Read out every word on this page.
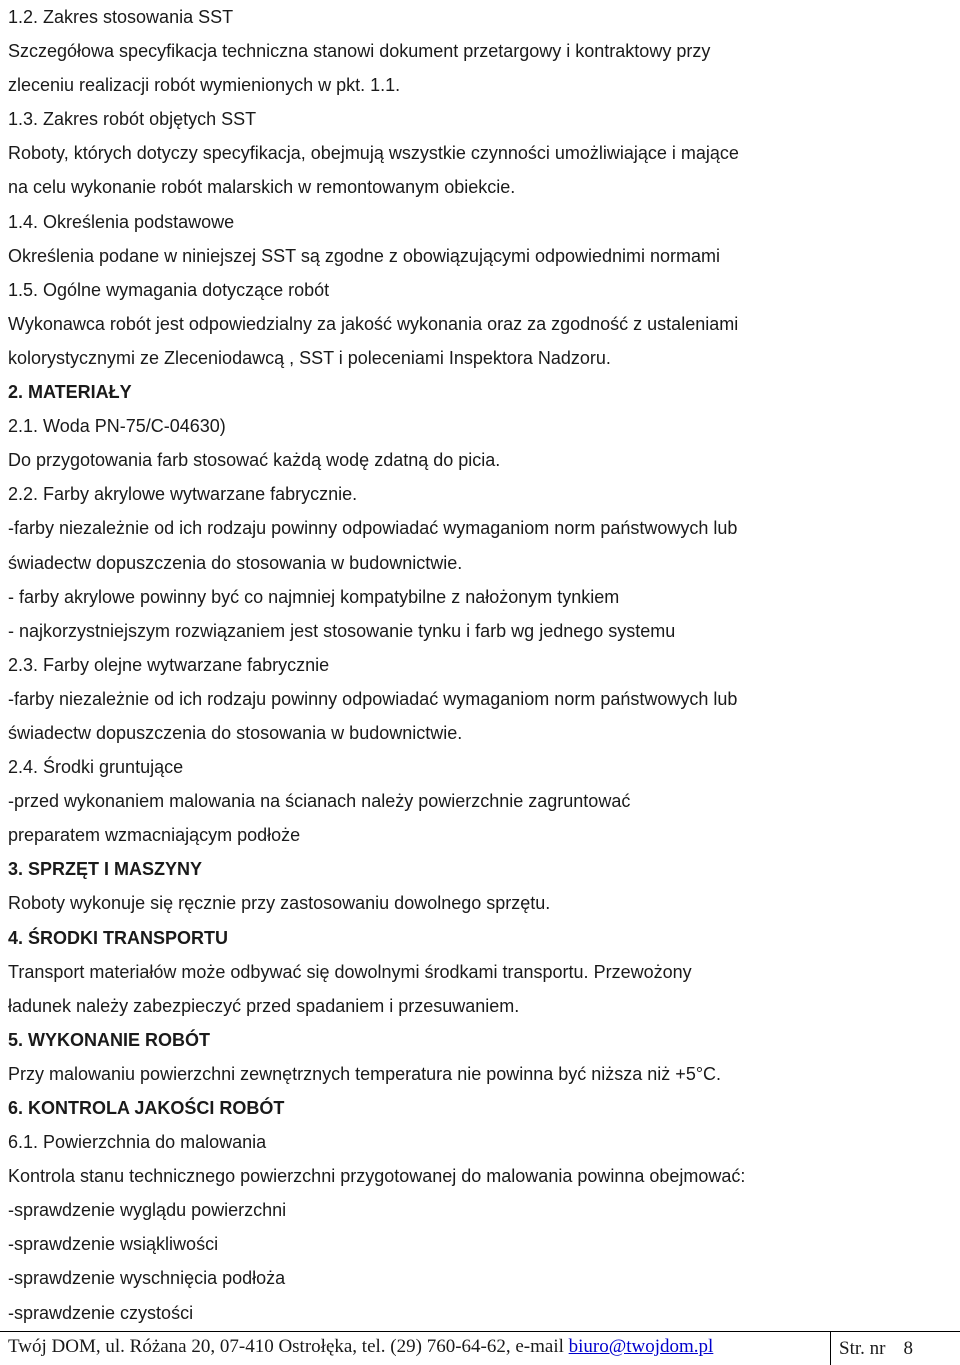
1.2. Zakres stosowania SST
Szczegółowa specyfikacja techniczna stanowi dokument przetargowy i kontraktowy przy
zleceniu realizacji robót wymienionych w pkt. 1.1.
1.3. Zakres robót objętych SST
Roboty, których dotyczy specyfikacja, obejmują wszystkie czynności umożliwiające i mające
na celu wykonanie robót malarskich w remontowanym obiekcie.
1.4. Określenia podstawowe
Określenia podane w niniejszej SST są zgodne z obowiązującymi odpowiednimi normami
1.5. Ogólne wymagania dotyczące robót
Wykonawca robót jest odpowiedzialny za jakość wykonania oraz za zgodność z ustaleniami
kolorystycznymi ze Zleceniodawcą , SST i poleceniami Inspektora Nadzoru.
2. MATERIAŁY
2.1. Woda PN-75/C-04630)
Do przygotowania farb stosować każdą wodę zdatną do picia.
2.2. Farby akrylowe wytwarzane fabrycznie.
-farby niezależnie od ich rodzaju powinny odpowiadać wymaganiom norm państwowych lub
świadectw dopuszczenia do stosowania w budownictwie.
- farby akrylowe powinny być co najmniej kompatybilne z nałożonym tynkiem
- najkorzystniejszym rozwiązaniem jest stosowanie tynku i farb wg jednego systemu
2.3. Farby olejne wytwarzane fabrycznie
-farby niezależnie od ich rodzaju powinny odpowiadać wymaganiom norm państwowych lub
świadectw dopuszczenia do stosowania w budownictwie.
2.4. Środki gruntujące
-przed wykonaniem malowania na ścianach należy powierzchnie zagruntować
preparatem wzmacniającym podłoże
3. SPRZĘT I MASZYNY
Roboty wykonuje się ręcznie przy zastosowaniu dowolnego sprzętu.
4. ŚRODKI TRANSPORTU
Transport materiałów może odbywać się dowolnymi środkami transportu. Przewożony
ładunek należy zabezpieczyć przed spadaniem i przesuwaniem.
5. WYKONANIE ROBÓT
Przy malowaniu powierzchni zewnętrznych temperatura nie powinna być niższa niż +5°C.
6. KONTROLA JAKOŚCI ROBÓT
6.1. Powierzchnia do malowania
Kontrola stanu technicznego powierzchni przygotowanej do malowania powinna obejmować:
-sprawdzenie wyglądu powierzchni
-sprawdzenie wsiąkliwości
-sprawdzenie wyschnięcia podłoża
-sprawdzenie czystości
Twój DOM, ul. Różana 20, 07-410 Ostrołęka, tel. (29) 760-64-62, e-mail biuro@twojdom.pl	Str. nr 8
